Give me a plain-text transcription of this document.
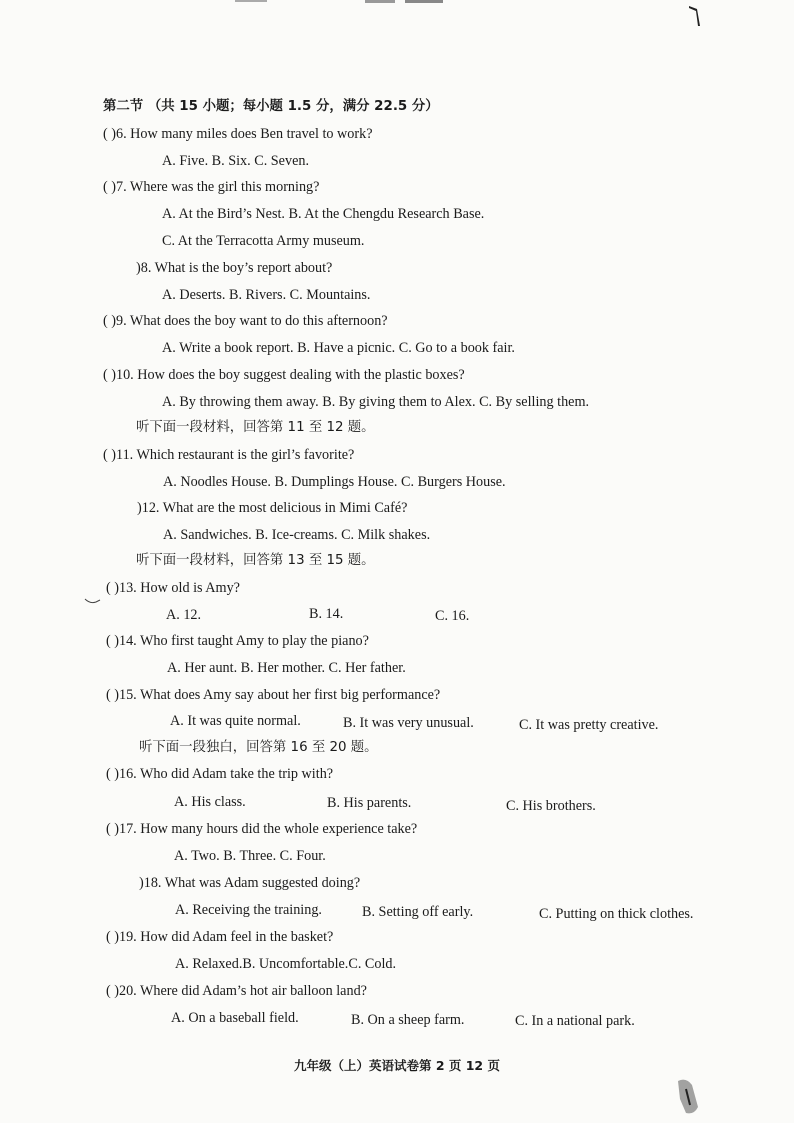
第二节 （共 15 小题；每小题 1.5 分，满分 22.5 分）
( )6. How many miles does Ben travel to work?
A. Five. B. Six. C. Seven.
( )7. Where was the girl this morning?
A. At the Bird’s Nest. B. At the Chengdu Research Base.
C. At the Terracotta Army museum.
)8. What is the boy’s report about?
A. Deserts. B. Rivers. C. Mountains.
( )9. What does the boy want to do this afternoon?
A. Write a book report. B. Have a picnic. C. Go to a book fair.
( )10. How does the boy suggest dealing with the plastic boxes?
A. By throwing them away. B. By giving them to Alex. C. By selling them.
听下面一段材料，回答第 11 至 12 题。
( )11. Which restaurant is the girl’s favorite?
A. Noodles House. B. Dumplings House. C. Burgers House.
)12. What are the most delicious in Mimi Café?
A. Sandwiches. B. Ice-creams. C. Milk shakes.
听下面一段材料，回答第 13 至 15 题。
( )13. How old is Amy?
A. 12.	B. 14.	C. 16.
( )14. Who first taught Amy to play the piano?
A. Her aunt. B. Her mother. C. Her father.
( )15. What does Amy say about her first big performance?
A. It was quite normal.	B. It was very unusual.	C. It was pretty creative.
听下面一段独白，回答第 16 至 20 题。
( )16. Who did Adam take the trip with?
A. His class.	B. His parents.	C. His brothers.
( )17. How many hours did the whole experience take?
A. Two. B. Three. C. Four.
)18. What was Adam suggested doing?
A. Receiving the training.	B. Setting off early.	C. Putting on thick clothes.
( )19. How did Adam feel in the basket?
A. Relaxed.B. Uncomfortable.C. Cold.
( )20. Where did Adam’s hot air balloon land?
A. On a baseball field.	B. On a sheep farm.	C. In a national park.
九年级（上）英语试卷第 2 页 12 页
